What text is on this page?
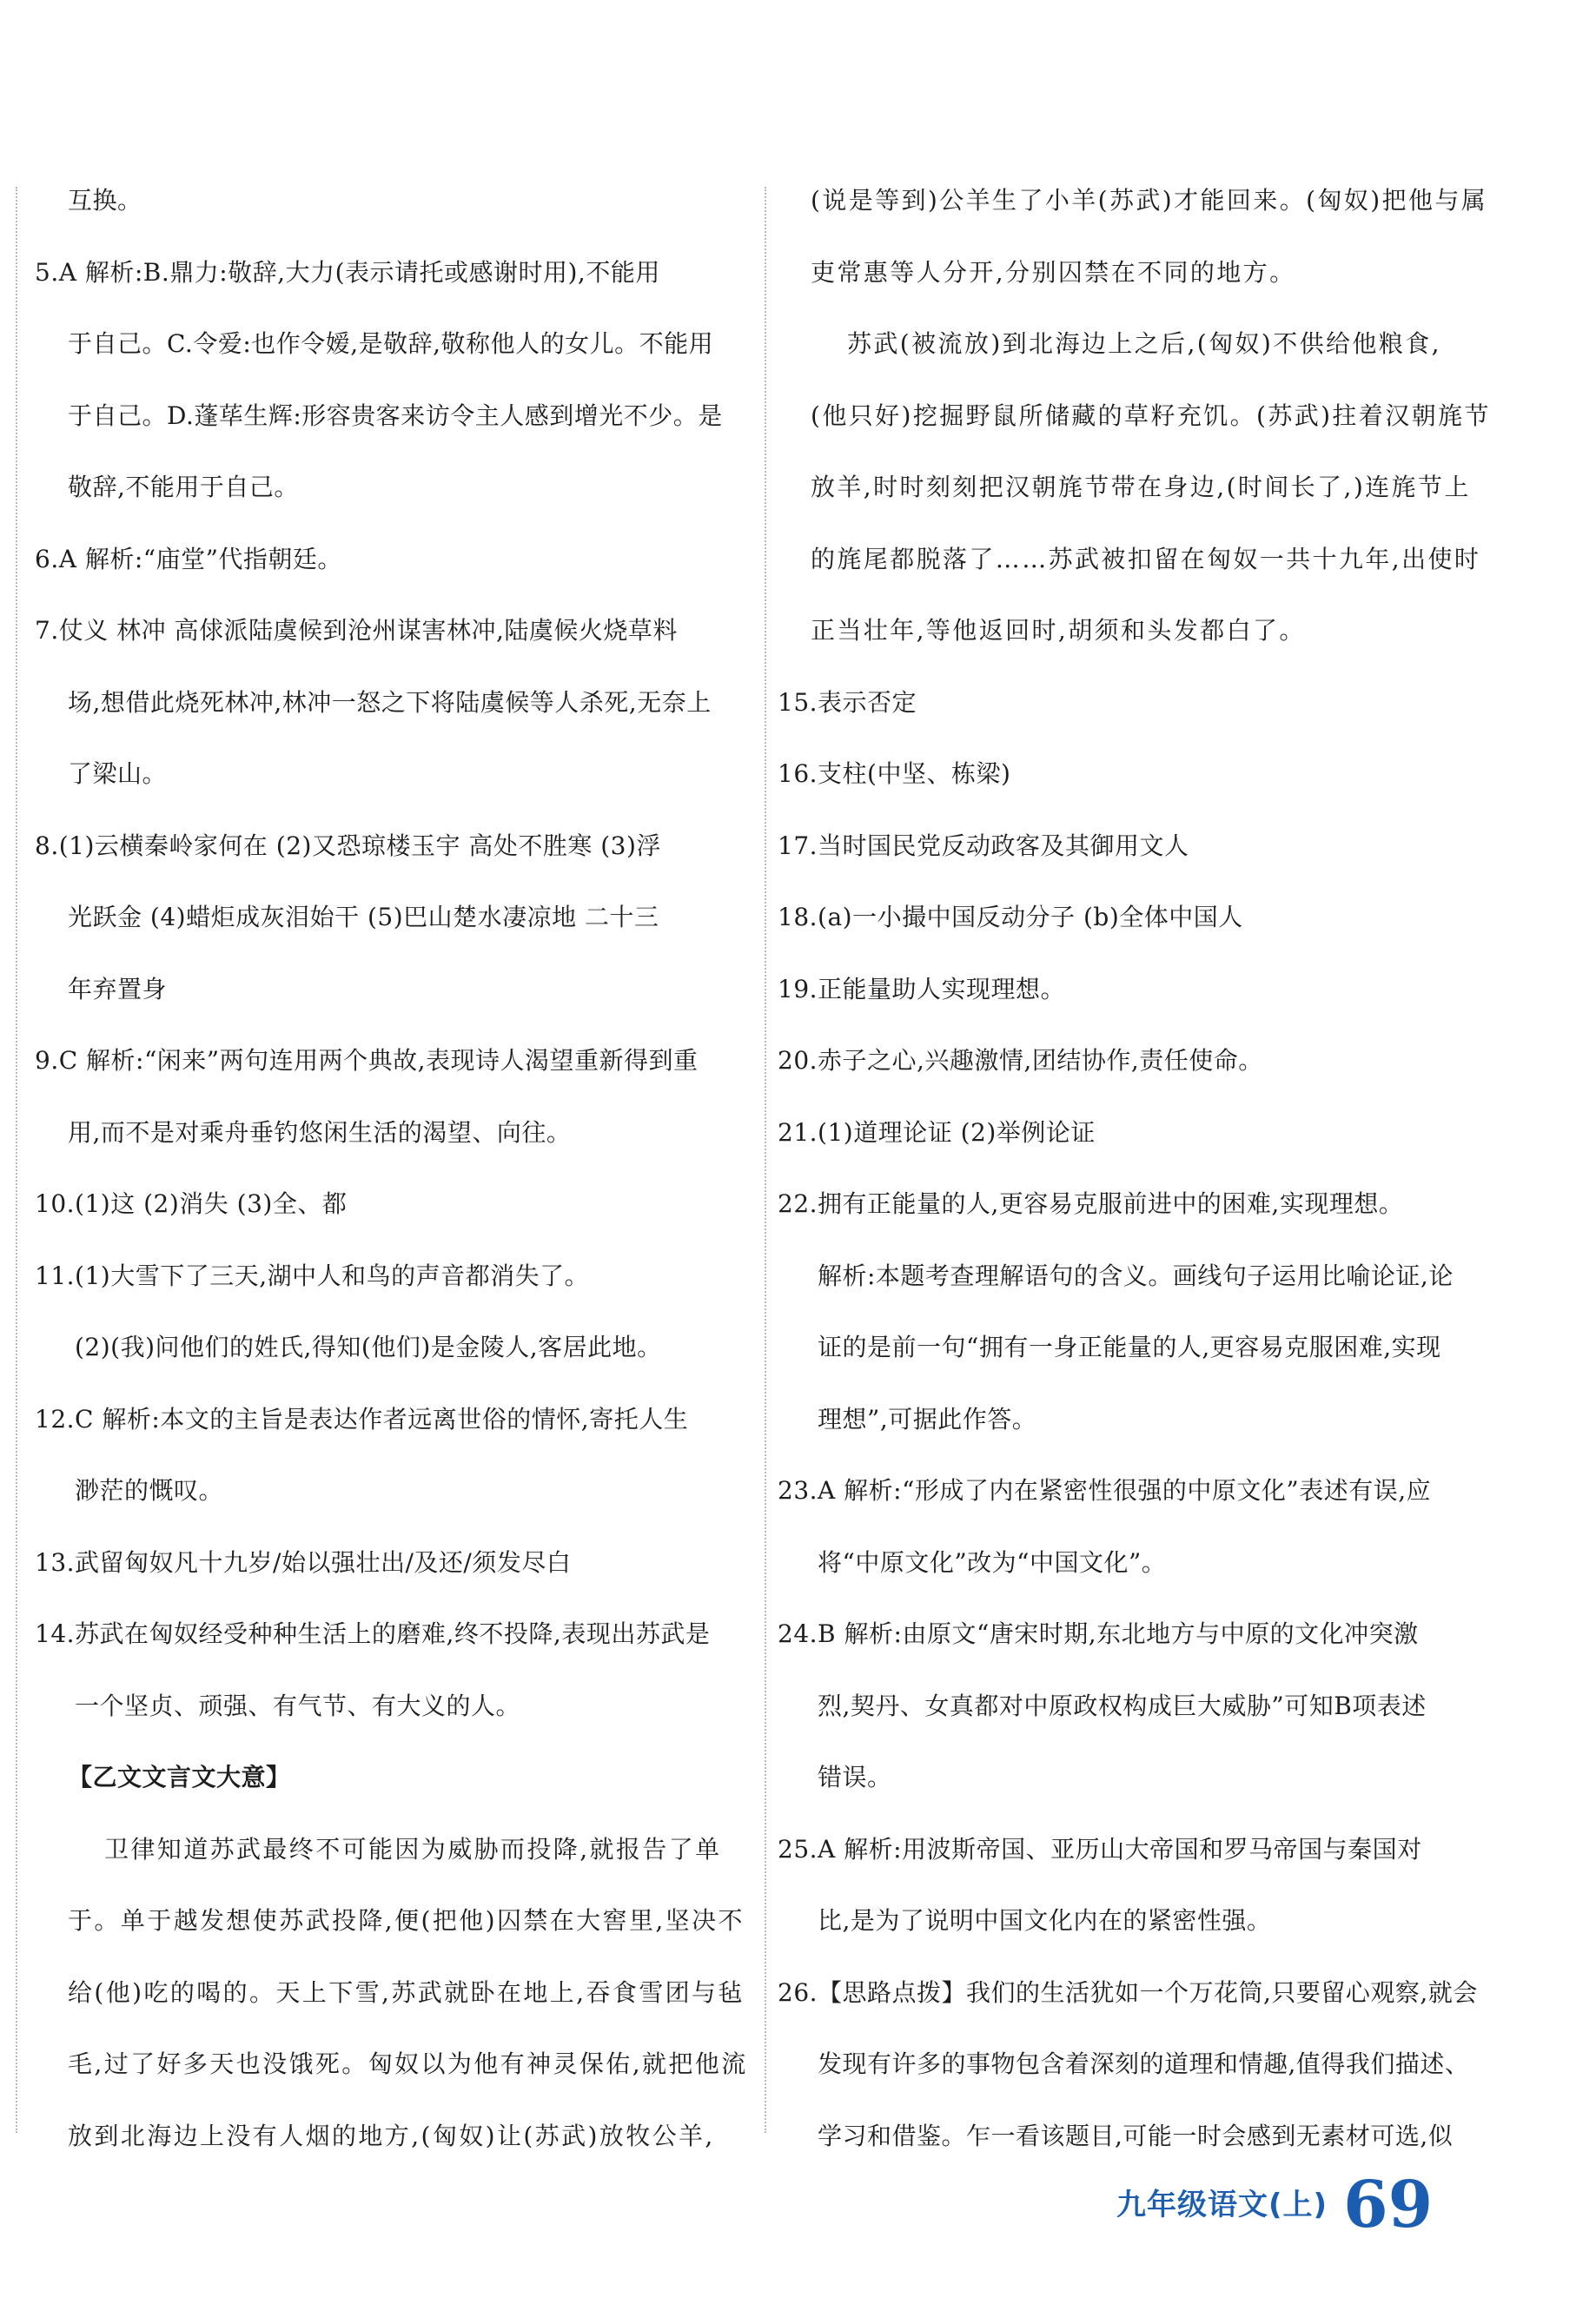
互换。
5.A 解析:B.鼎力:敬辞,大力(表示请托或感谢时用),不能用
于自己。C.令爱:也作令嫒,是敬辞,敬称他人的女儿。不能用
于自己。D.蓬荜生辉:形容贵客来访令主人感到增光不少。是
敬辞,不能用于自己。
6.A 解析:“庙堂”代指朝廷。
7.仗义 林冲 高俅派陆虞候到沧州谋害林冲,陆虞候火烧草料
场,想借此烧死林冲,林冲一怒之下将陆虞候等人杀死,无奈上
了梁山。
8.(1)云横秦岭家何在 (2)又恐琼楼玉宇 高处不胜寒 (3)浮
光跃金 (4)蜡炬成灰泪始干 (5)巴山楚水凄凉地 二十三
年弃置身
9.C 解析:“闲来”两句连用两个典故,表现诗人渴望重新得到重
用,而不是对乘舟垂钓悠闲生活的渴望、向往。
10.(1)这 (2)消失 (3)全、都
11.(1)大雪下了三天,湖中人和鸟的声音都消失了。
(2)(我)问他们的姓氏,得知(他们)是金陵人,客居此地。
12.C 解析:本文的主旨是表达作者远离世俗的情怀,寄托人生
渺茫的慨叹。
13.武留匈奴凡十九岁/始以强壮出/及还/须发尽白
14.苏武在匈奴经受种种生活上的磨难,终不投降,表现出苏武是
一个坚贞、顽强、有气节、有大义的人。
【乙文文言文大意】
卫律知道苏武最终不可能因为威胁而投降,就报告了单
于。单于越发想使苏武投降,便(把他)囚禁在大窖里,坚决不
给(他)吃的喝的。天上下雪,苏武就卧在地上,吞食雪团与毡
毛,过了好多天也没饿死。匈奴以为他有神灵保佑,就把他流
放到北海边上没有人烟的地方,(匈奴)让(苏武)放牧公羊,
(说是等到)公羊生了小羊(苏武)才能回来。(匈奴)把他与属
吏常惠等人分开,分别囚禁在不同的地方。
苏武(被流放)到北海边上之后,(匈奴)不供给他粮食,
(他只好)挖掘野鼠所储藏的草籽充饥。(苏武)拄着汉朝旄节
放羊,时时刻刻把汉朝旄节带在身边,(时间长了,)连旄节上
的旄尾都脱落了……苏武被扣留在匈奴一共十九年,出使时
正当壮年,等他返回时,胡须和头发都白了。
15.表示否定
16.支柱(中坚、栋梁)
17.当时国民党反动政客及其御用文人
18.(a)一小撮中国反动分子 (b)全体中国人
19.正能量助人实现理想。
20.赤子之心,兴趣激情,团结协作,责任使命。
21.(1)道理论证 (2)举例论证
22.拥有正能量的人,更容易克服前进中的困难,实现理想。
解析:本题考查理解语句的含义。画线句子运用比喻论证,论
证的是前一句“拥有一身正能量的人,更容易克服困难,实现
理想”,可据此作答。
23.A 解析:“形成了内在紧密性很强的中原文化”表述有误,应
将“中原文化”改为“中国文化”。
24.B 解析:由原文“唐宋时期,东北地方与中原的文化冲突激
烈,契丹、女真都对中原政权构成巨大威胁”可知B项表述
错误。
25.A 解析:用波斯帝国、亚历山大帝国和罗马帝国与秦国对
比,是为了说明中国文化内在的紧密性强。
26.【思路点拨】我们的生活犹如一个万花筒,只要留心观察,就会
发现有许多的事物包含着深刻的道理和情趣,值得我们描述、
学习和借鉴。乍一看该题目,可能一时会感到无素材可选,似
九年级语文(上) 69
